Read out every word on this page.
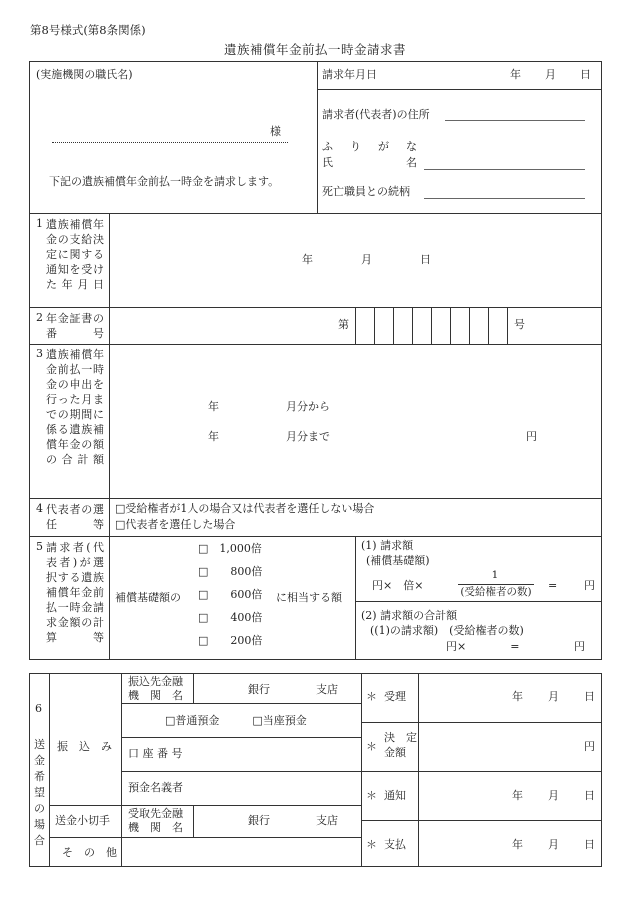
第8号様式(第8条関係)
遺族補償年金前払一時金請求書
(実施機関の職氏名)
様
下記の遺族補償年金前払一時金を請求します。
請求年月日	年 月 日
請求者(代表者)の住所
ふ り が な
氏	名
死亡職員との続柄
1 遺族補償年金の支給決定に関する通知を受けた年月日
年	月	日
2 年金証書の番号
第	号
3 遺族補償年金前払一時金の申出を行った月までの期間に係る遺族補償年金の額の合計額
年	月分から
年	月分まで	円
4 代表者の選任等
□受給権者が1人の場合又は代表者を選任しない場合
□代表者を選任した場合
5 請求者(代表者)が選択する遺族補償年金前払一時金請求金額の計算等
補償基礎額の
□　1,000倍
□　　800倍
□　　600倍
□　　400倍
□　　200倍
に相当する額
(1) 請求額
(補償基礎額)
円×　倍×
1
(受給権者の数)	= 円
(2) 請求額の合計額
((1)の請求額)　(受給権者の数)
円×　　　　=	円
6
送
金
希
望
の
場
合
振　込　み
振込先金融
機　関　名	銀行	支店
□普通預金　　　□当座預金
口 座 番 号
預金名義者
送金小切手
受取先金融
機　関　名
銀行	支店
そ　の　他
＊ 受理	年 月 日
＊
決　定
金額	円
＊ 通知	年 月 日
＊ 支払	年 月 日
